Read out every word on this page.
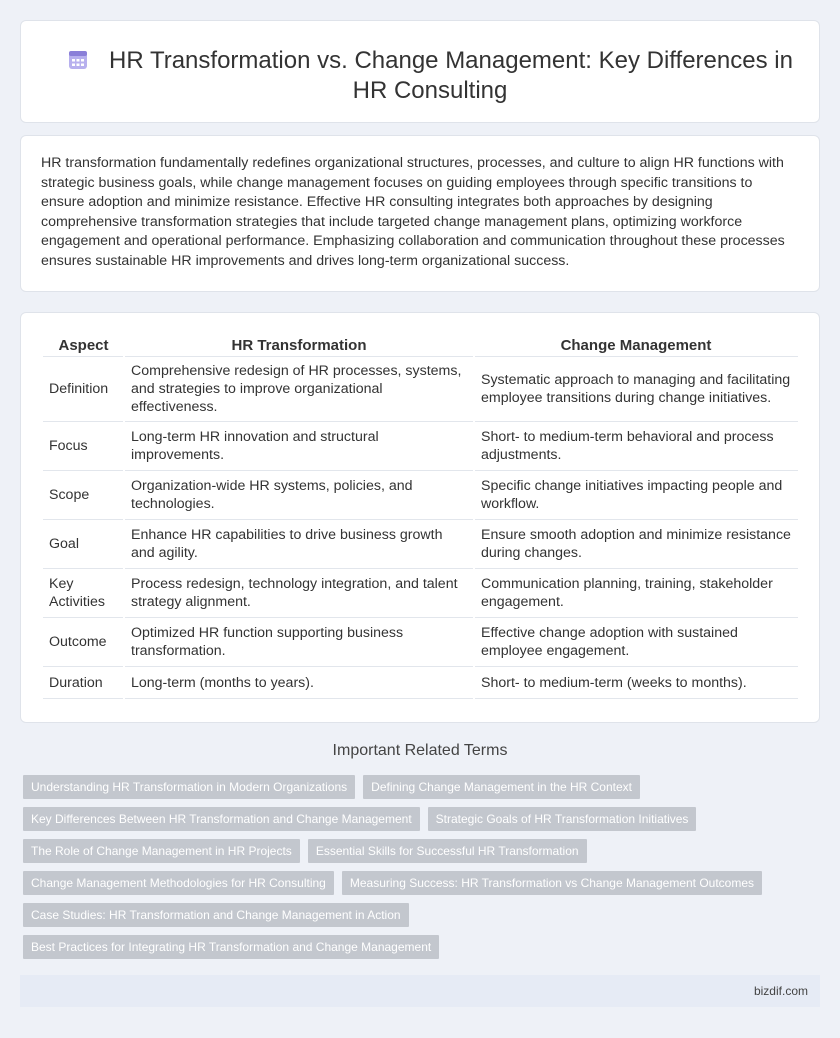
HR Transformation vs. Change Management: Key Differences in HR Consulting

HR transformation fundamentally redefines organizational structures, processes, and culture to align HR functions with strategic business goals, while change management focuses on guiding employees through specific transitions to ensure adoption and minimize resistance. Effective HR consulting integrates both approaches by designing comprehensive transformation strategies that include targeted change management plans, optimizing workforce engagement and operational performance. Emphasizing collaboration and communication throughout these processes ensures sustainable HR improvements and drives long-term organizational success.

Aspect	HR Transformation	Change Management
Definition	Comprehensive redesign of HR processes, systems, and strategies to improve organizational effectiveness.	Systematic approach to managing and facilitating employee transitions during change initiatives.
Focus	Long-term HR innovation and structural improvements.	Short- to medium-term behavioral and process adjustments.
Scope	Organization-wide HR systems, policies, and technologies.	Specific change initiatives impacting people and workflow.
Goal	Enhance HR capabilities to drive business growth and agility.	Ensure smooth adoption and minimize resistance during changes.
Key Activities	Process redesign, technology integration, and talent strategy alignment.	Communication planning, training, stakeholder engagement.
Outcome	Optimized HR function supporting business transformation.	Effective change adoption with sustained employee engagement.
Duration	Long-term (months to years).	Short- to medium-term (weeks to months).
Important Related Terms
Understanding HR Transformation in Modern Organizations	Defining Change Management in the HR Context
Key Differences Between HR Transformation and Change Management	Strategic Goals of HR Transformation Initiatives
The Role of Change Management in HR Projects	Essential Skills for Successful HR Transformation
Change Management Methodologies for HR Consulting	Measuring Success: HR Transformation vs Change Management Outcomes
Case Studies: HR Transformation and Change Management in Action
Best Practices for Integrating HR Transformation and Change Management
bizdif.com
